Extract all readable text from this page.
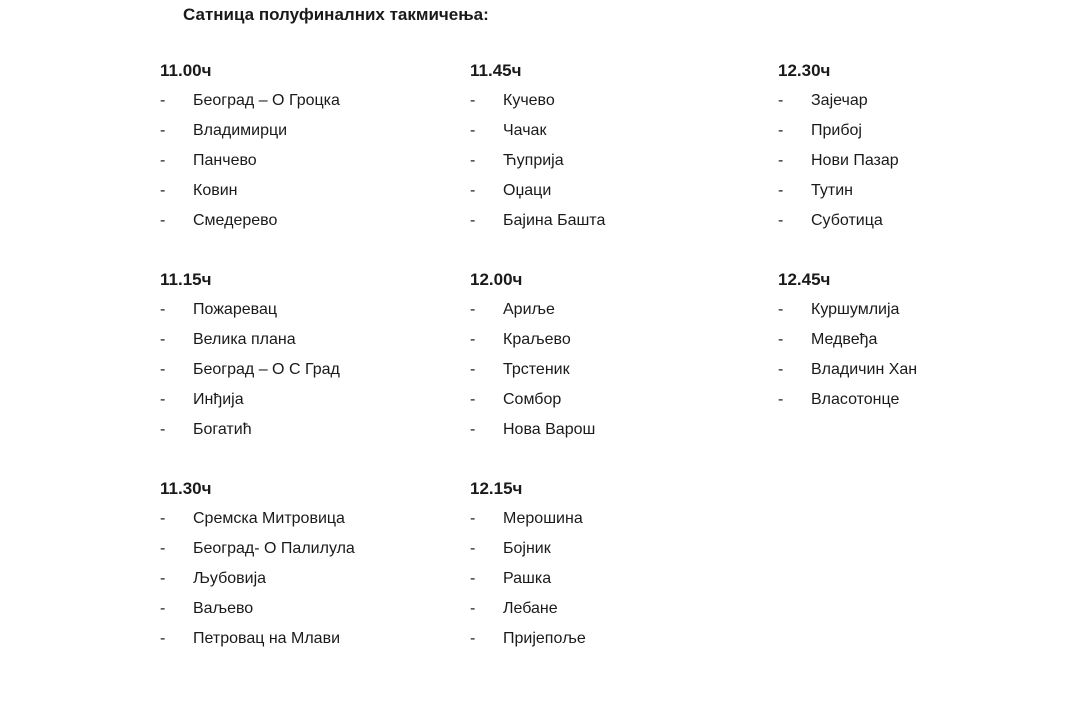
Сатница полуфиналних такмичења:
11.00ч
-	Београд – О Гроцка
-	Владимирци
-	Панчево
-	Ковин
-	Смедерево
11.45ч
-	Кучево
-	Чачак
-	Ћуприја
-	Оџаци
-	Бајина Башта
12.30ч
-	Зајечар
-	Прибој
-	Нови Пазар
-	Тутин
-	Суботица
11.15ч
-	Пожаревац
-	Велика плана
-	Београд – О С Град
-	Инђија
-	Богатић
12.00ч
-	Ариље
-	Краљево
-	Трстеник
-	Сомбор
-	Нова Варош
12.45ч
-	Куршумлија
-	Медвеђа
-	Владичин Хан
-	Власотонце
11.30ч
-	Сремска Митровица
-	Београд- О Палилула
-	Љубовија
-	Ваљево
-	Петровац на Млави
12.15ч
-	Мерошина
-	Бојник
-	Рашка
-	Лебане
-	Пријепоље
